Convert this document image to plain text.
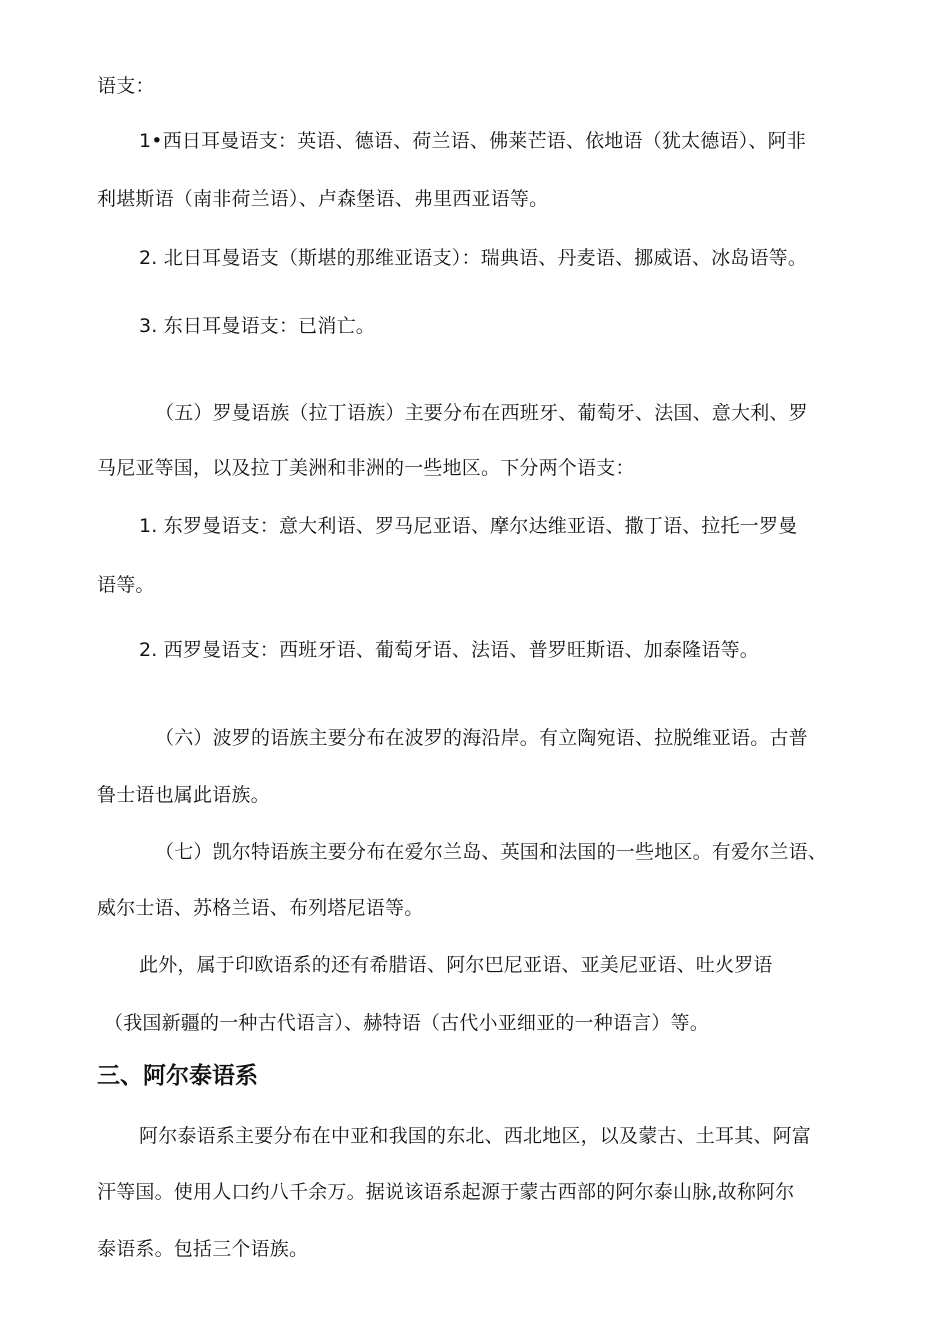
语支：
1•西日耳曼语支：英语、德语、荷兰语、佛莱芒语、依地语（犹太德语）、阿非
利堪斯语（南非荷兰语）、卢森堡语、弗里西亚语等。
2. 北日耳曼语支（斯堪的那维亚语支）：瑞典语、丹麦语、挪威语、冰岛语等。
3. 东日耳曼语支：已消亡。
（五）罗曼语族（拉丁语族）主要分布在西班牙、葡萄牙、法国、意大利、罗
马尼亚等国，以及拉丁美洲和非洲的一些地区。下分两个语支：
1. 东罗曼语支：意大利语、罗马尼亚语、摩尔达维亚语、撒丁语、拉托一罗曼
语等。
2. 西罗曼语支：西班牙语、葡萄牙语、法语、普罗旺斯语、加泰隆语等。
（六）波罗的语族主要分布在波罗的海沿岸。有立陶宛语、拉脱维亚语。古普
鲁士语也属此语族。
（七）凯尔特语族主要分布在爱尔兰岛、英国和法国的一些地区。有爱尔兰语、
威尔士语、苏格兰语、布列塔尼语等。
此外，属于印欧语系的还有希腊语、阿尔巴尼亚语、亚美尼亚语、吐火罗语
（我国新疆的一种古代语言）、赫特语（古代小亚细亚的一种语言）等。
三、阿尔泰语系
阿尔泰语系主要分布在中亚和我国的东北、西北地区，以及蒙古、土耳其、阿富
汗等国。使用人口约八千余万。据说该语系起源于蒙古西部的阿尔泰山脉,故称阿尔
泰语系。包括三个语族。
